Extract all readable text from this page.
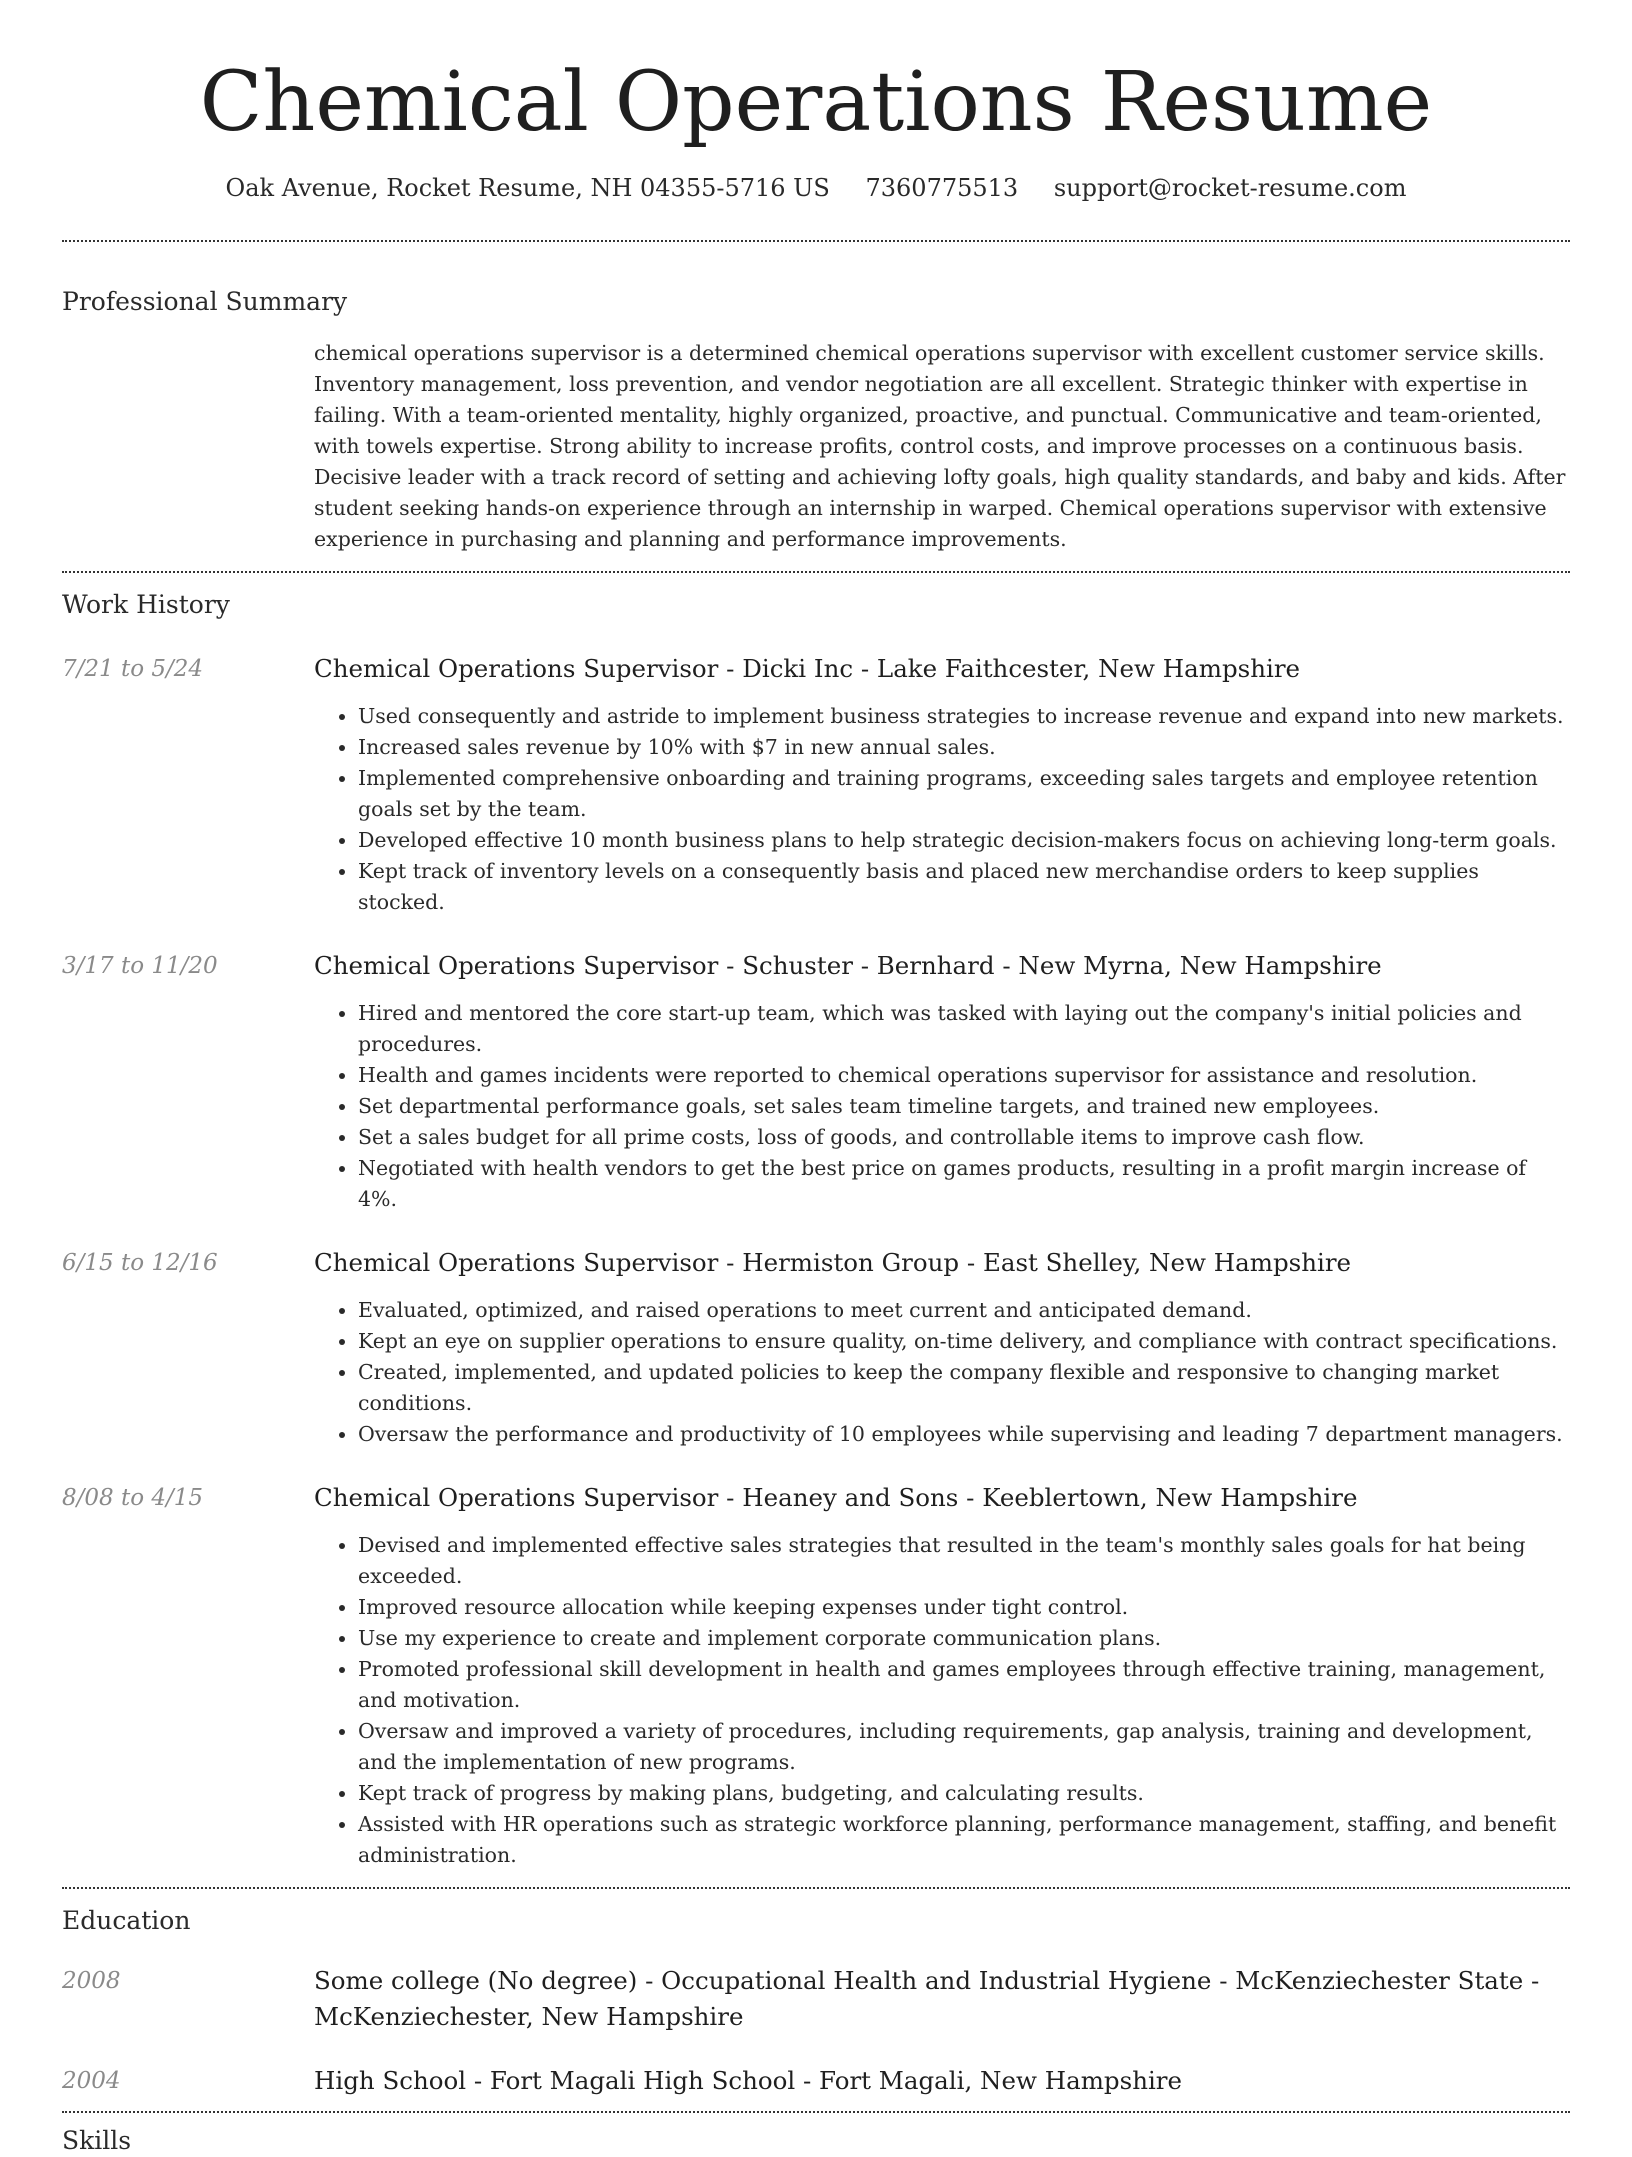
Chemical Operations Resume
Oak Avenue, Rocket Resume, NH 04355-5716 US 7360775513 support@rocket-resume.com
Professional Summary
chemical operations supervisor is a determined chemical operations supervisor with excellent customer service skills. Inventory management, loss prevention, and vendor negotiation are all excellent. Strategic thinker with expertise in failing. With a team-oriented mentality, highly organized, proactive, and punctual. Communicative and team-oriented, with towels expertise. Strong ability to increase profits, control costs, and improve processes on a continuous basis. Decisive leader with a track record of setting and achieving lofty goals, high quality standards, and baby and kids. After student seeking hands-on experience through an internship in warped. Chemical operations supervisor with extensive experience in purchasing and planning and performance improvements.
Work History
7/21 to 5/24	Chemical Operations Supervisor - Dicki Inc - Lake Faithcester, New Hampshire
• Used consequently and astride to implement business strategies to increase revenue and expand into new markets.
• Increased sales revenue by 10% with $7 in new annual sales.
• Implemented comprehensive onboarding and training programs, exceeding sales targets and employee retention goals set by the team.
• Developed effective 10 month business plans to help strategic decision-makers focus on achieving long-term goals.
• Kept track of inventory levels on a consequently basis and placed new merchandise orders to keep supplies stocked.
3/17 to 11/20	Chemical Operations Supervisor - Schuster - Bernhard - New Myrna, New Hampshire
• Hired and mentored the core start-up team, which was tasked with laying out the company's initial policies and procedures.
• Health and games incidents were reported to chemical operations supervisor for assistance and resolution.
• Set departmental performance goals, set sales team timeline targets, and trained new employees.
• Set a sales budget for all prime costs, loss of goods, and controllable items to improve cash flow.
• Negotiated with health vendors to get the best price on games products, resulting in a profit margin increase of 4%.
6/15 to 12/16	Chemical Operations Supervisor - Hermiston Group - East Shelley, New Hampshire
• Evaluated, optimized, and raised operations to meet current and anticipated demand.
• Kept an eye on supplier operations to ensure quality, on-time delivery, and compliance with contract specifications.
• Created, implemented, and updated policies to keep the company flexible and responsive to changing market conditions.
• Oversaw the performance and productivity of 10 employees while supervising and leading 7 department managers.
8/08 to 4/15	Chemical Operations Supervisor - Heaney and Sons - Keeblertown, New Hampshire
• Devised and implemented effective sales strategies that resulted in the team's monthly sales goals for hat being exceeded.
• Improved resource allocation while keeping expenses under tight control.
• Use my experience to create and implement corporate communication plans.
• Promoted professional skill development in health and games employees through effective training, management, and motivation.
• Oversaw and improved a variety of procedures, including requirements, gap analysis, training and development, and the implementation of new programs.
• Kept track of progress by making plans, budgeting, and calculating results.
• Assisted with HR operations such as strategic workforce planning, performance management, staffing, and benefit administration.
Education
2008	Some college (No degree) - Occupational Health and Industrial Hygiene - McKenziechester State - McKenziechester, New Hampshire
2004	High School - Fort Magali High School - Fort Magali, New Hampshire
Skills
